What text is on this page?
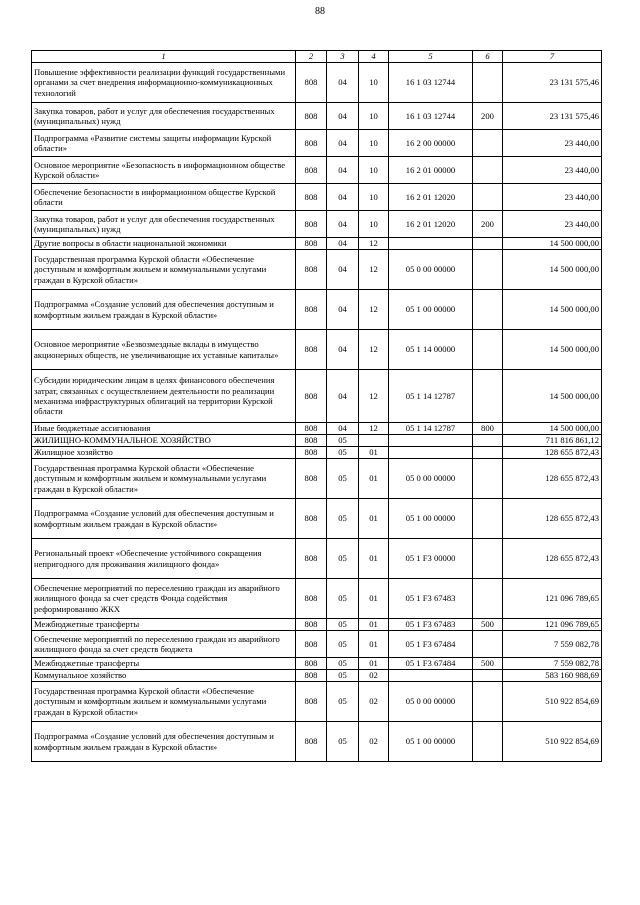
88
1	2	3	4	5	6	7
Повышение эффективности реализации функций государственными органами за счет внедрения информационно-коммуникационных технологий	808	04	10	16 1 03 12744		23 131 575,46
Закупка товаров, работ и услуг для обеспечения государственных (муниципальных) нужд	808	04	10	16 1 03 12744	200	23 131 575,46
Подпрограмма «Развитие системы защиты информации Курской области»	808	04	10	16 2 00 00000		23 440,00
Основное мероприятие «Безопасность в информационном обществе Курской области»	808	04	10	16 2 01 00000		23 440,00
Обеспечение безопасности в информационном обществе Курской области	808	04	10	16 2 01 12020		23 440,00
Закупка товаров, работ и услуг для обеспечения государственных (муниципальных) нужд	808	04	10	16 2 01 12020	200	23 440,00
Другие вопросы в области национальной экономики	808	04	12			14 500 000,00
Государственная программа Курской области «Обеспечение доступным и комфортным жильем и коммунальными услугами граждан в Курской области»	808	04	12	05 0 00 00000		14 500 000,00
Подпрограмма «Создание условий для обеспечения доступным и комфортным жильем граждан в Курской области»	808	04	12	05 1 00 00000		14 500 000,00
Основное мероприятие «Безвозмездные вклады в имущество акционерных обществ, не увеличивающие их уставные капиталы»	808	04	12	05 1 14 00000		14 500 000,00
Субсидии юридическим лицам в целях финансового обеспечения затрат, связанных с осуществлением деятельности по реализации механизма инфраструктурных облигаций на территории Курской области	808	04	12	05 1 14 12787		14 500 000,00
Иные бюджетные ассигнования	808	04	12	05 1 14 12787	800	14 500 000,00
ЖИЛИЩНО-КОММУНАЛЬНОЕ ХОЗЯЙСТВО	808	05				711 816 861,12
Жилищное хозяйство	808	05	01			128 655 872,43
Государственная программа Курской области «Обеспечение доступным и комфортным жильем и коммунальными услугами граждан в Курской области»	808	05	01	05 0 00 00000		128 655 872,43
Подпрограмма «Создание условий для обеспечения доступным и комфортным жильем граждан в Курской области»	808	05	01	05 1 00 00000		128 655 872,43
Региональный проект «Обеспечение устойчивого сокращения непригодного для проживания жилищного фонда»	808	05	01	05 1 F3 00000		128 655 872,43
Обеспечение мероприятий по переселению граждан из аварийного жилищного фонда за счет средств Фонда содействия реформированию ЖКХ	808	05	01	05 1 F3 67483		121 096 789,65
Межбюджетные трансферты	808	05	01	05 1 F3 67483	500	121 096 789,65
Обеспечение мероприятий по переселению граждан из аварийного жилищного фонда за счет средств бюджета	808	05	01	05 1 F3 67484		7 559 082,78
Межбюджетные трансферты	808	05	01	05 1 F3 67484	500	7 559 082,78
Коммунальное хозяйство	808	05	02			583 160 988,69
Государственная программа Курской области «Обеспечение доступным и комфортным жильем и коммунальными услугами граждан в Курской области»	808	05	02	05 0 00 00000		510 922 854,69
Подпрограмма «Создание условий для обеспечения доступным и комфортным жильем граждан в Курской области»	808	05	02	05 1 00 00000		510 922 854,69
